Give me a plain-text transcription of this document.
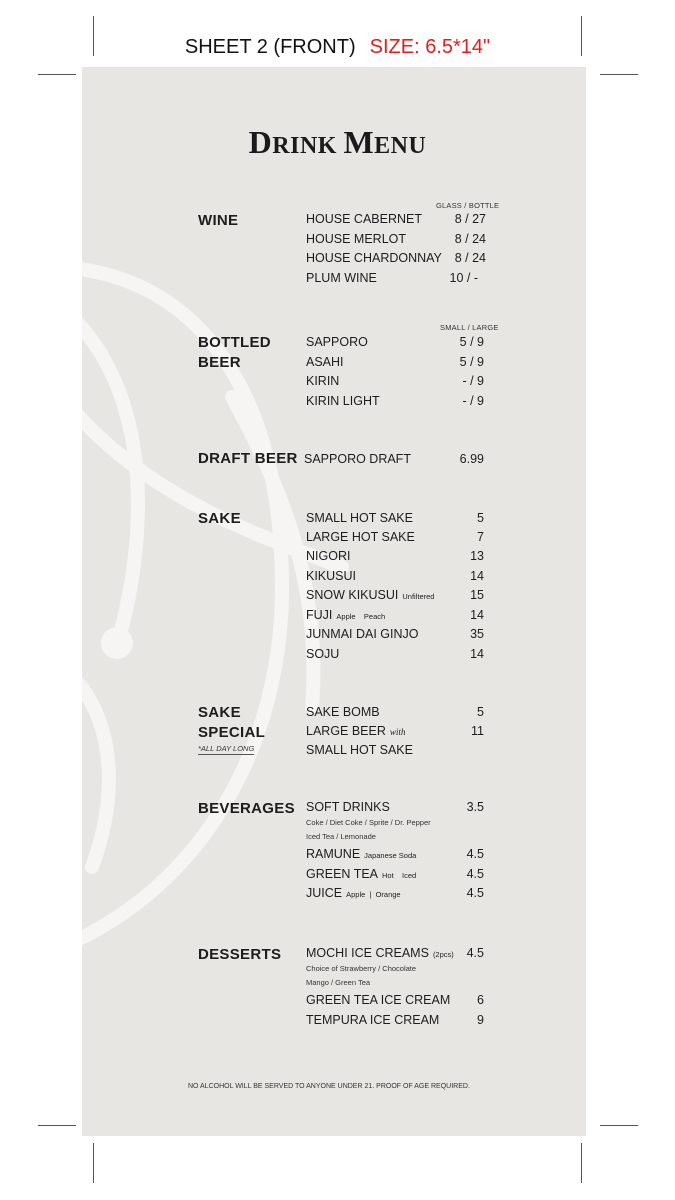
SHEET 2 (FRONT) SIZE: 6.5*14"
DRINK MENU
WINE
GLASS / BOTTLE
HOUSE CABERNET	8 / 27
HOUSE MERLOT	8 / 24
HOUSE CHARDONNAY	8 / 24
PLUM WINE	10 / -
BOTTLED
BEER
SMALL / LARGE
SAPPORO	5 / 9
ASAHI	5 / 9
KIRIN	- / 9
KIRIN LIGHT	- / 9
DRAFT BEER SAPPORO DRAFT	6.99
SAKE	SMALL HOT SAKE	5
LARGE HOT SAKE	7
NIGORI	13
KIKUSUI	14
SNOW KIKUSUI Unfiltered	15
FUJI Apple    Peach	14
JUNMAI DAI GINJO	35
SOJU	14
SAKE
SPECIAL
*ALL DAY LONG
SAKE BOMB	5
LARGE BEER with	11
SMALL HOT SAKE
BEVERAGES SOFT DRINKS	3.5
Coke / Diet Coke / Sprite / Dr. Pepper
Iced Tea / Lemonade
RAMUNE Japanese Soda	4.5
GREEN TEA Hot    Iced	4.5
JUICE Apple  |  Orange	4.5
DESSERTS MOCHI ICE CREAMS (2pcs)	4.5
Choice of Strawberry / Chocolate
Mango / Green Tea
GREEN TEA ICE CREAM	6
TEMPURA ICE CREAM	9
NO ALCOHOL WILL BE SERVED TO ANYONE UNDER 21. PROOF OF AGE REQUIRED.
